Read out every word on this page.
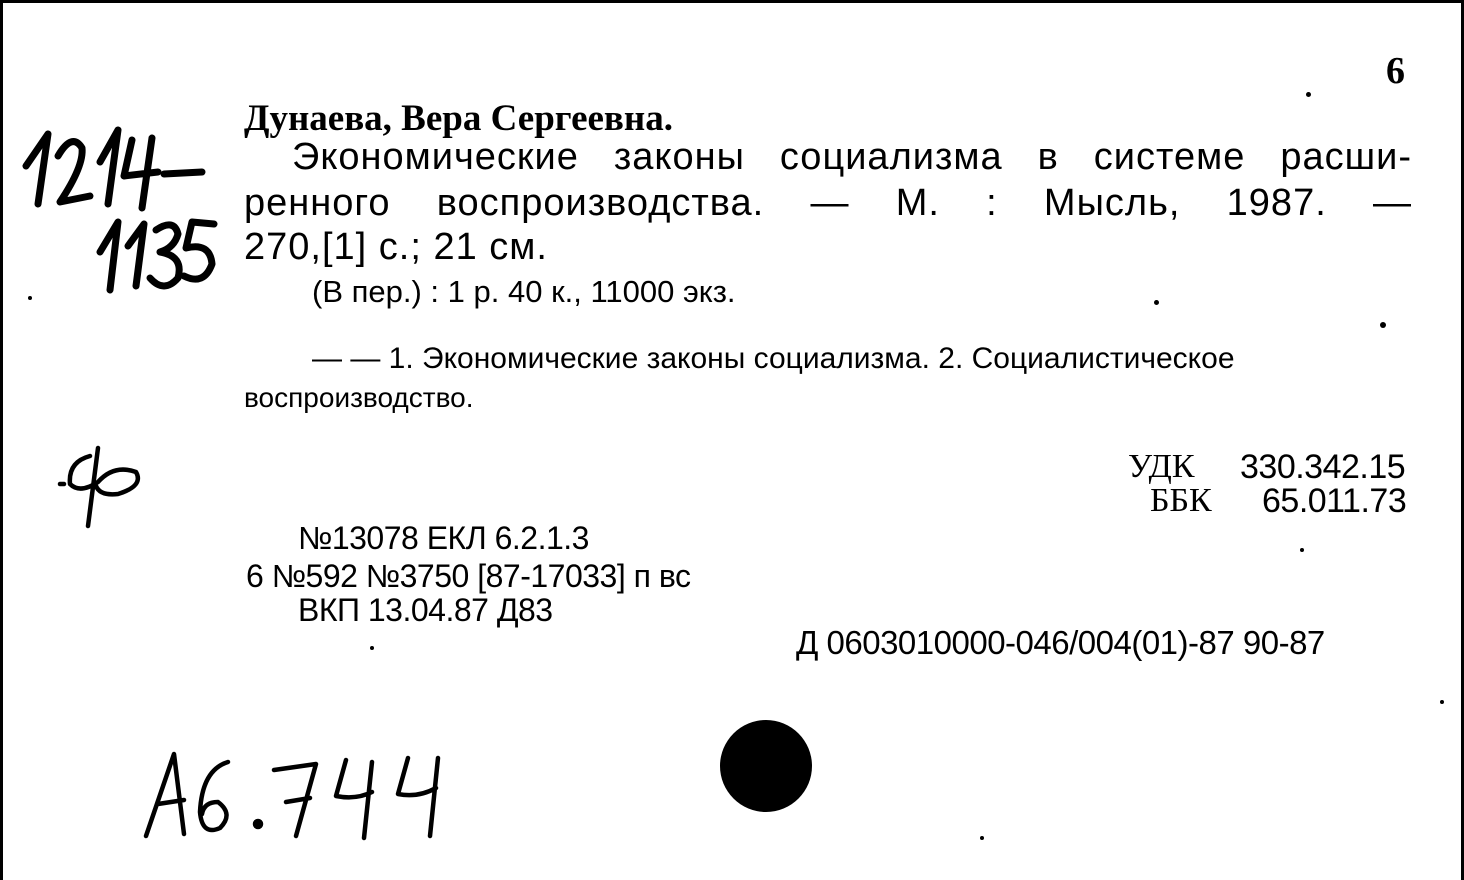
6
Дунаева, Вера Сергеевна.
Экономические законы социализма в системе расши-
ренного воспроизводства. — М. : Мысль, 1987. —
270,[1] с.; 21 см.
(В пер.) : 1 р. 40 к., 11000 экз.
— — 1. Экономические законы социализма. 2. Социалистическое
воспроизводство.
УДК 330.342.15
ББК 65.011.73
№13078 ЕКЛ 6.2.1.3
6 №592 №3750 [87-17033] п вс
ВКП 13.04.87 Д83
Д 0603010000-046/004(01)-87 90-87
